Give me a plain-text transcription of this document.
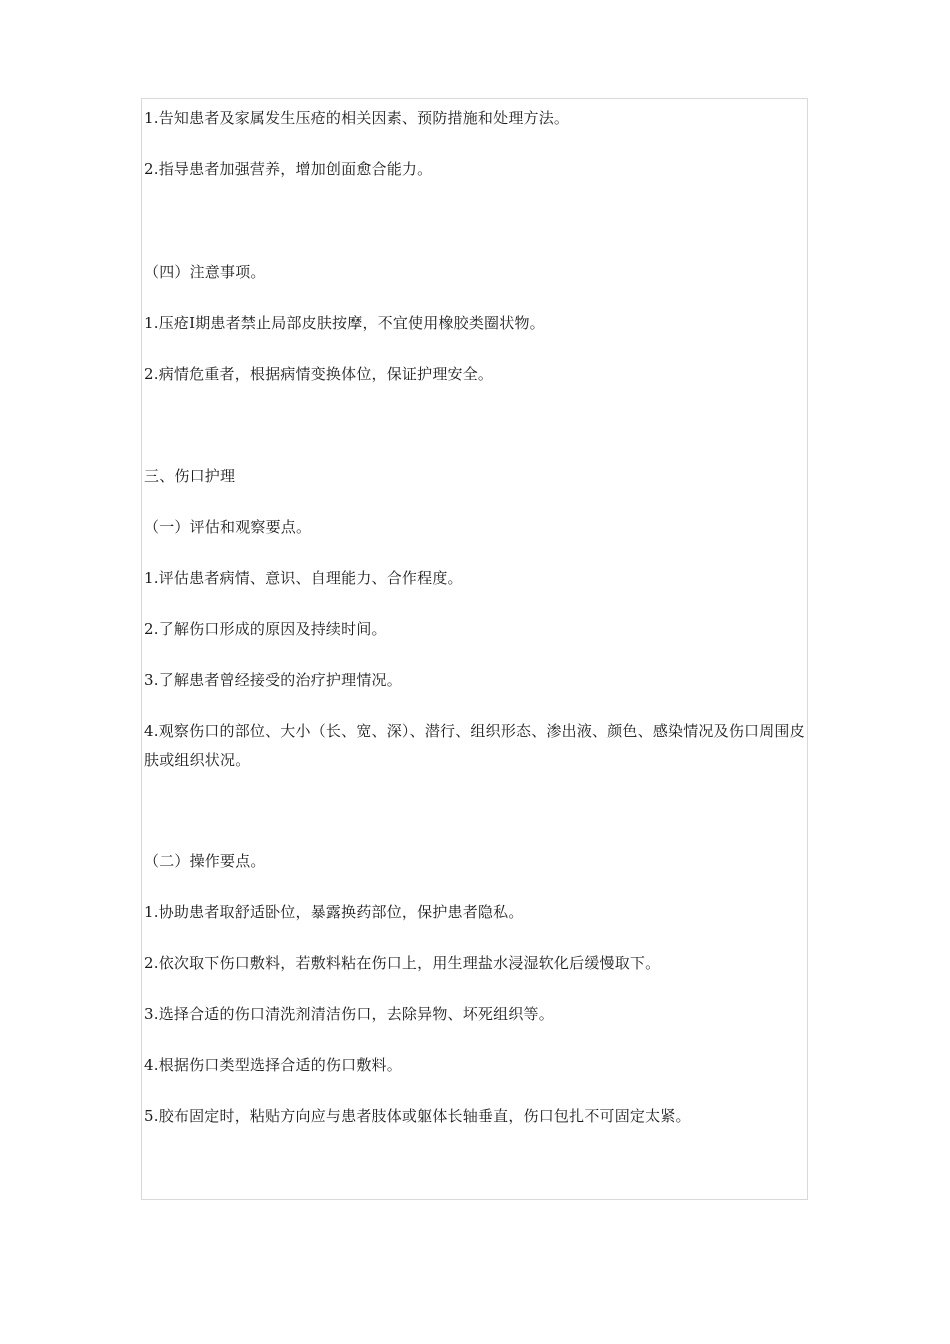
1.告知患者及家属发生压疮的相关因素、预防措施和处理方法。
2.指导患者加强营养，增加创面愈合能力。
（四）注意事项。
1.压疮Ⅰ期患者禁止局部皮肤按摩，不宜使用橡胶类圈状物。
2.病情危重者，根据病情变换体位，保证护理安全。
三、伤口护理
（一）评估和观察要点。
1.评估患者病情、意识、自理能力、合作程度。
2.了解伤口形成的原因及持续时间。
3.了解患者曾经接受的治疗护理情况。
4.观察伤口的部位、大小（长、宽、深）、潜行、组织形态、渗出液、颜色、感染情况及伤口周围皮肤或组织状况。
（二）操作要点。
1.协助患者取舒适卧位，暴露换药部位，保护患者隐私。
2.依次取下伤口敷料，若敷料粘在伤口上，用生理盐水浸湿软化后缓慢取下。
3.选择合适的伤口清洗剂清洁伤口，去除异物、坏死组织等。
4.根据伤口类型选择合适的伤口敷料。
5.胶布固定时，粘贴方向应与患者肢体或躯体长轴垂直，伤口包扎不可固定太紧。
